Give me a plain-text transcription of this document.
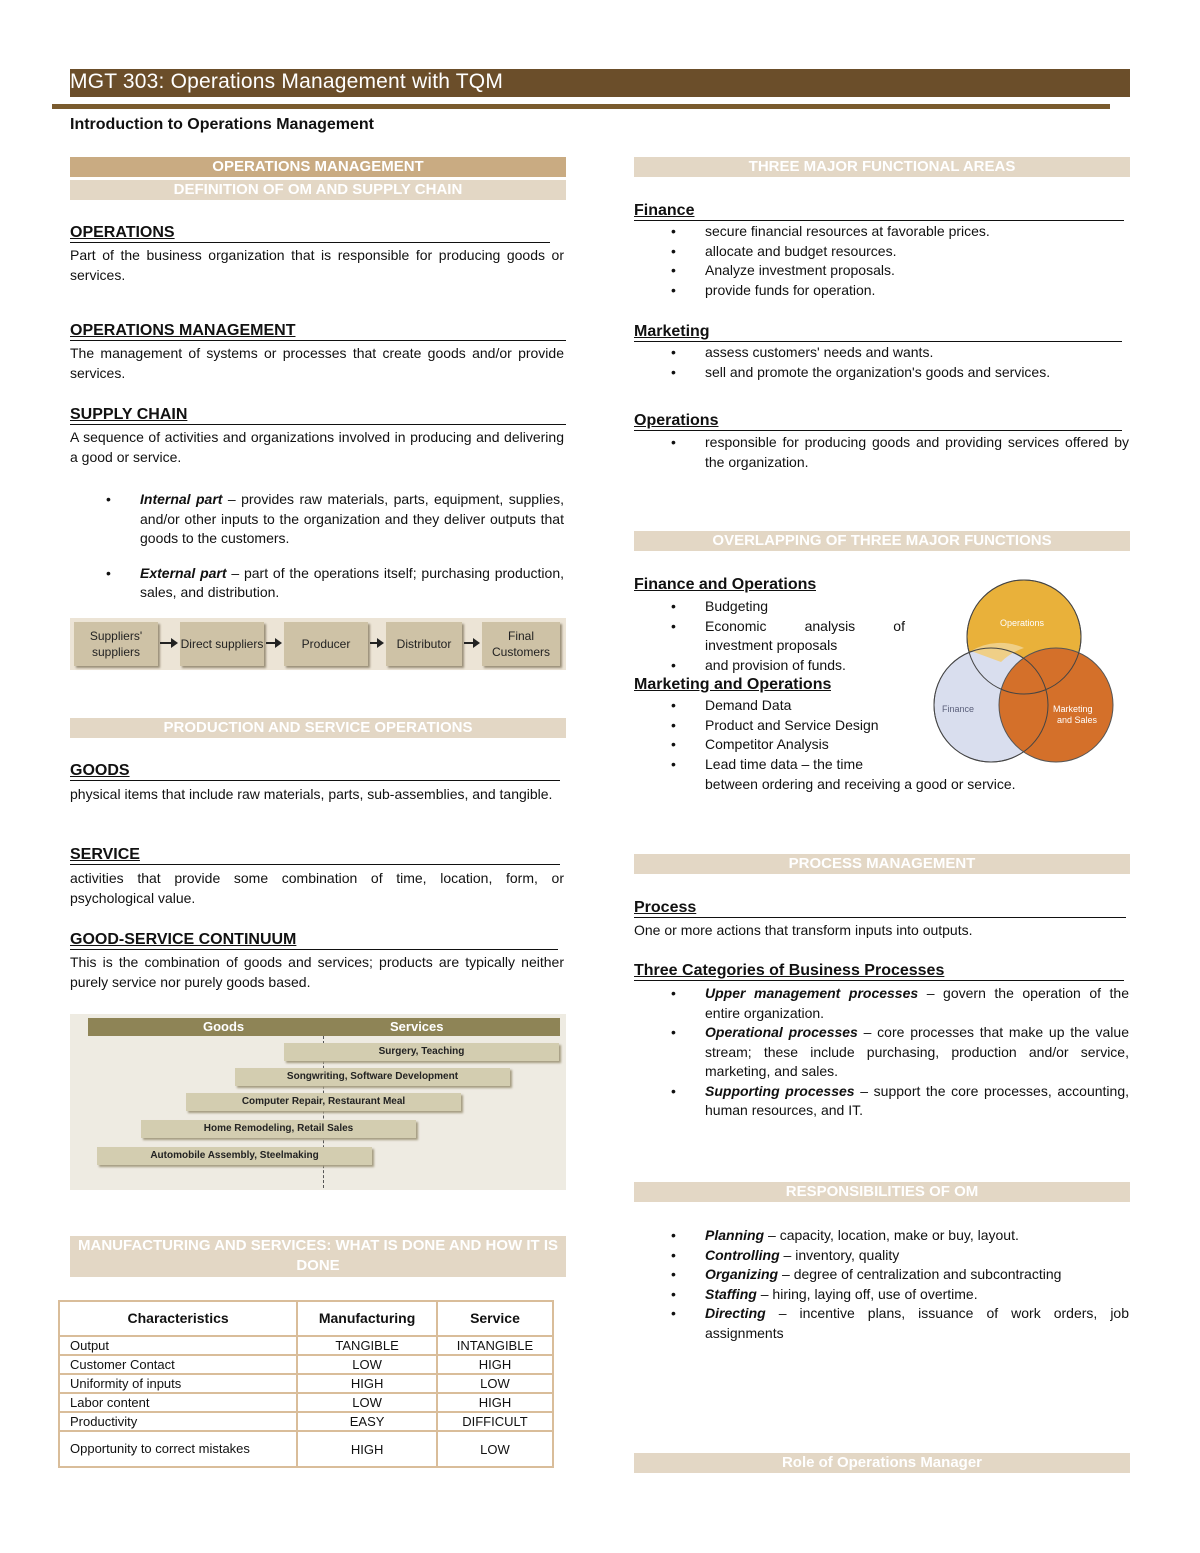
MGT 303: Operations Management with TQM
Introduction to Operations Management
OPERATIONS MANAGEMENT
DEFINITION OF OM AND SUPPLY CHAIN
OPERATIONS
Part of the business organization that is responsible for producing goods or services.
OPERATIONS MANAGEMENT
The management of systems or processes that create goods and/or provide services.
SUPPLY CHAIN
A sequence of activities and organizations involved in producing and delivering a good or service.
• Internal part – provides raw materials, parts, equipment, supplies, and/or other inputs to the organization and they deliver outputs that goods to the customers.
• External part – part of the operations itself; purchasing production, sales, and distribution.
Suppliers' suppliers
Direct suppliers	Producer	Distributor
Final Customers
PRODUCTION AND SERVICE OPERATIONS
GOODS
physical items that include raw materials, parts, sub-assemblies, and tangible.
SERVICE
activities that provide some combination of time, location, form, or psychological value.
GOOD-SERVICE CONTINUUM
This is the combination of goods and services; products are typically neither purely service nor purely goods based.
Goods	Services
Surgery, Teaching
Songwriting, Software Development
Computer Repair, Restaurant Meal
Home Remodeling, Retail Sales
Automobile Assembly, Steelmaking
MANUFACTURING AND SERVICES: WHAT IS DONE AND HOW IT IS DONE
Characteristics	Manufacturing	Service
Output	TANGIBLE	INTANGIBLE
Customer Contact	LOW	HIGH
Uniformity of inputs	HIGH	LOW
Labor content	LOW	HIGH
Productivity	EASY	DIFFICULT
Opportunity to correct mistakes	HIGH	LOW
THREE MAJOR FUNCTIONAL AREAS
Finance
• secure financial resources at favorable prices.
• allocate and budget resources.
• Analyze investment proposals.
• provide funds for operation.
Marketing
• assess customers' needs and wants.
• sell and promote the organization's goods and services.
Operations
• responsible for producing goods and providing services offered by the organization.
OVERLAPPING OF THREE MAJOR FUNCTIONS
Finance and Operations
• Budgeting
• Economic analysis of investment proposals
• and provision of funds.
Marketing and Operations
• Demand Data
• Product and Service Design
• Competitor Analysis
• Lead time data – the time
between ordering and receiving a good or service.
Operations
Finance	Marketing and Sales
PROCESS MANAGEMENT
Process
One or more actions that transform inputs into outputs.
Three Categories of Business Processes
• Upper management processes – govern the operation of the entire organization.
• Operational processes – core processes that make up the value stream; these include purchasing, production and/or service, marketing, and sales.
• Supporting processes – support the core processes, accounting, human resources, and IT.
RESPONSIBILITIES OF OM
• Planning – capacity, location, make or buy, layout.
• Controlling – inventory, quality
• Organizing – degree of centralization and subcontracting
• Staffing – hiring, laying off, use of overtime.
• Directing – incentive plans, issuance of work orders, job assignments
Role of Operations Manager
